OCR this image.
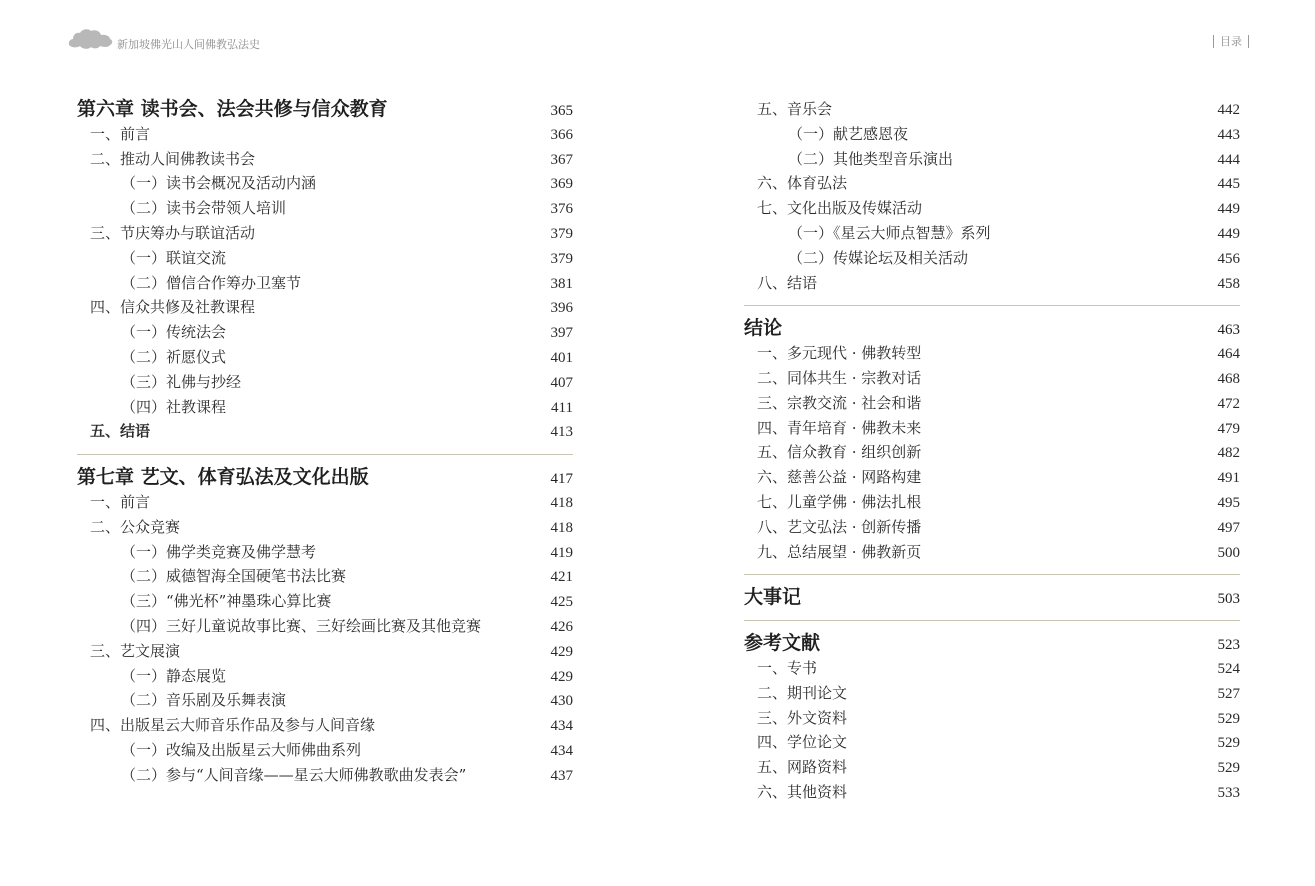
新加坡佛光山人间佛教弘法史	目录
第六章 读书会、法会共修与信众教育	365
一、前言	366
二、推动人间佛教读书会	367
（一）读书会概况及活动内涵	369
（二）读书会带领人培训	376
三、节庆筹办与联谊活动	379
（一）联谊交流	379
（二）僧信合作筹办卫塞节	381
四、信众共修及社教课程	396
（一）传统法会	397
（二）祈愿仪式	401
（三）礼佛与抄经	407
（四）社教课程	411
五、结语	413
第七章 艺文、体育弘法及文化出版	417
一、前言	418
二、公众竞赛	418
（一）佛学类竞赛及佛学慧考	419
（二）威德智海全国硬笔书法比赛	421
（三）“佛光杯”神墨珠心算比赛	425
（四）三好儿童说故事比赛、三好绘画比赛及其他竞赛	426
三、艺文展演	429
（一）静态展览	429
（二）音乐剧及乐舞表演	430
四、出版星云大师音乐作品及参与人间音缘	434
（一）改编及出版星云大师佛曲系列	434
（二）参与“人间音缘——星云大师佛教歌曲发表会”	437
五、音乐会	442
（一）献艺感恩夜	443
（二）其他类型音乐演出	444
六、体育弘法	445
七、文化出版及传媒活动	449
（一）《星云大师点智慧》系列	449
（二）传媒论坛及相关活动	456
八、结语	458
结论	463
一、多元现代 · 佛教转型	464
二、同体共生 · 宗教对话	468
三、宗教交流 · 社会和谐	472
四、青年培育 · 佛教未来	479
五、信众教育 · 组织创新	482
六、慈善公益 · 网路构建	491
七、儿童学佛 · 佛法扎根	495
八、艺文弘法 · 创新传播	497
九、总结展望 · 佛教新页	500
大事记	503
参考文献	523
一、专书	524
二、期刊论文	527
三、外文资料	529
四、学位论文	529
五、网路资料	529
六、其他资料	533
